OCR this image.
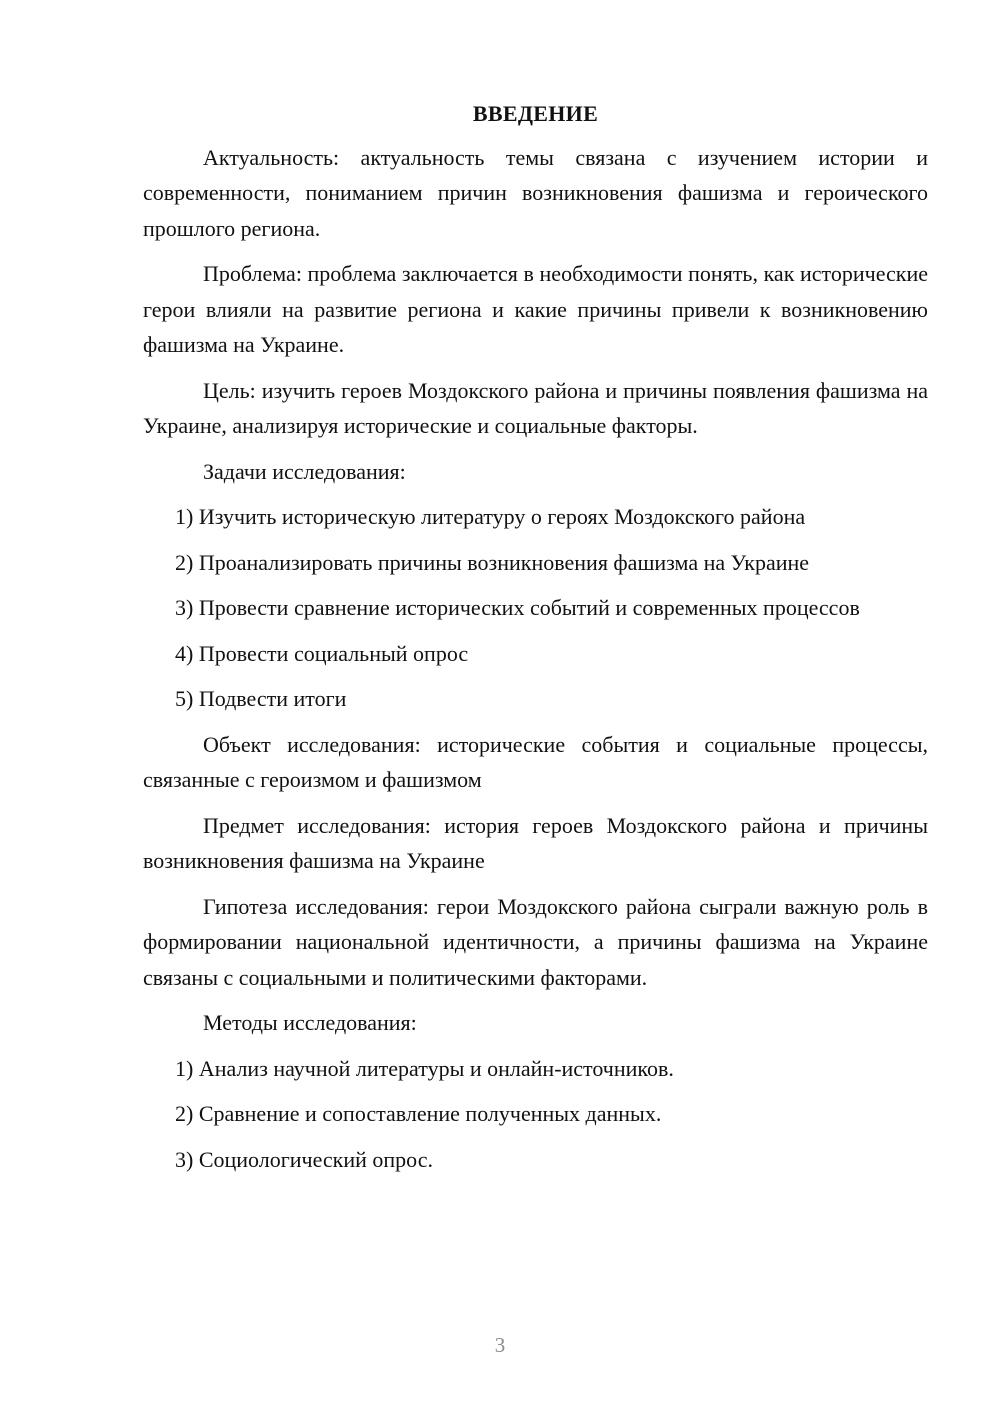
ВВЕДЕНИЕ

Актуальность: актуальность темы связана с изучением истории и современности, пониманием причин возникновения фашизма и героического прошлого региона.

Проблема: проблема заключается в необходимости понять, как исторические герои влияли на развитие региона и какие причины привели к возникновению фашизма на Украине.

Цель: изучить героев Моздокского района и причины появления фашизма на Украине, анализируя исторические и социальные факторы.

Задачи исследования:

1) Изучить историческую литературу о героях Моздокского района

2) Проанализировать причины возникновения фашизма на Украине

3) Провести сравнение исторических событий и современных процессов

4) Провести социальный опрос

5) Подвести итоги

Объект исследования: исторические события и социальные процессы, связанные с героизмом и фашизмом

Предмет исследования: история героев Моздокского района и причины возникновения фашизма на Украине

Гипотеза исследования: герои Моздокского района сыграли важную роль в формировании национальной идентичности, а причины фашизма на Украине связаны с социальными и политическими факторами.

Методы исследования:

1) Анализ научной литературы и онлайн-источников.

2) Сравнение и сопоставление полученных данных.

3) Социологический опрос.

3
